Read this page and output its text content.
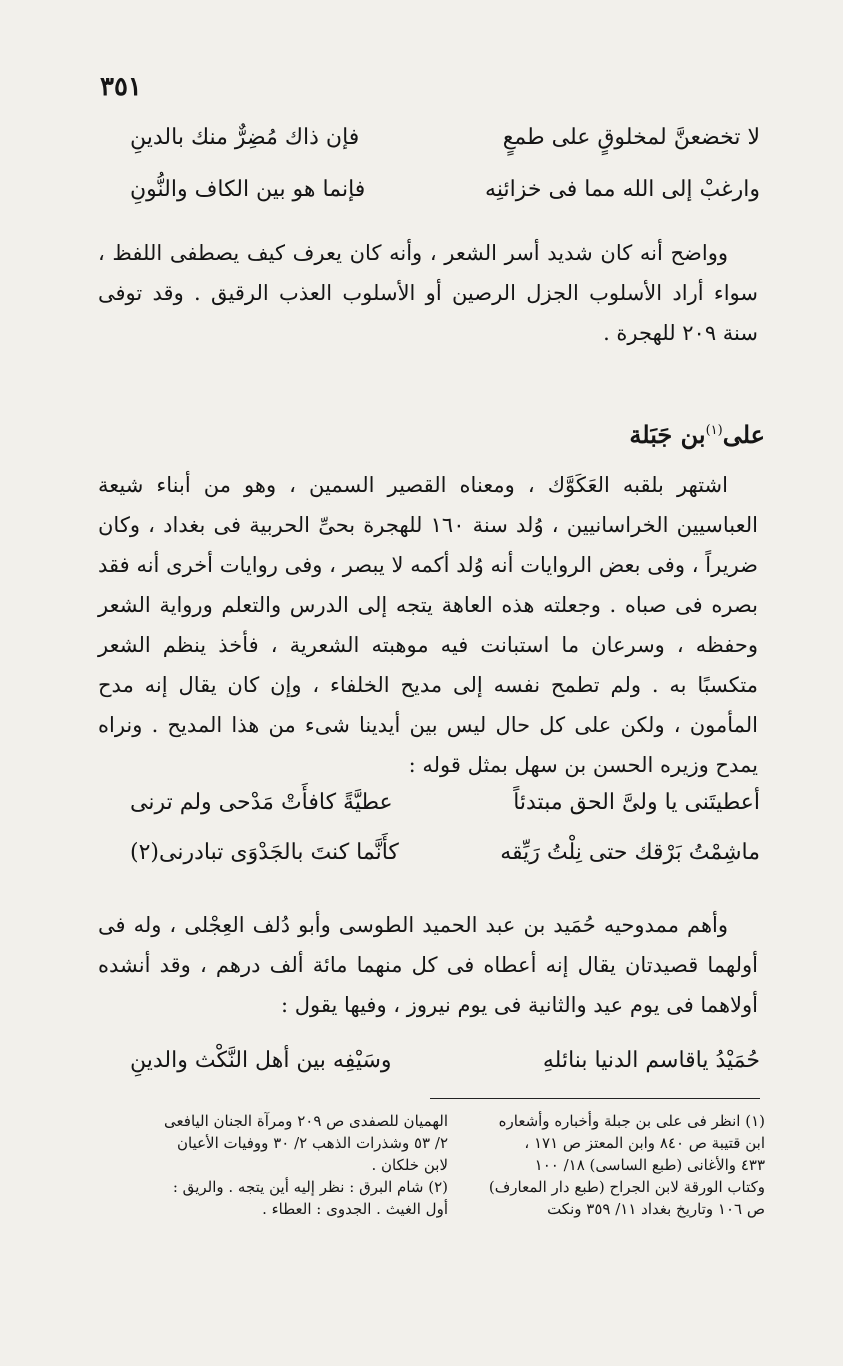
٣٥١
لا تخضعنَّ لمخلوقٍ على طمعٍ
فإن ذاك مُضِرٌّ منك بالدينِ
وارغبْ إلى الله مما فى خزائنِه
فإنما هو بين الكاف والنُّونِ

وواضح أنه كان شديد أسر الشعر ، وأنه كان يعرف كيف يصطفى اللفظ ، سواء أراد الأسلوب الجزل الرصين أو الأسلوب العذب الرقيق . وقد توفى سنة ٢٠٩ للهجرة .

على$^{(١)}$بن جَبَلة

اشتهر بلقبه العَكَوَّك ، ومعناه القصير السمين ، وهو من أبناء شيعة العباسيين الخراسانيين ، وُلد سنة ١٦٠ للهجرة بحىِّ الحربية فى بغداد ، وكان ضريراً ، وفى بعض الروايات أنه وُلد أكمه لا يبصر ، وفى روايات أخرى أنه فقد بصره فى صباه . وجعلته هذه العاهة يتجه إلى الدرس والتعلم ورواية الشعر وحفظه ، وسرعان ما استبانت فيه موهبته الشعرية ، فأخذ ينظم الشعر متكسبًا به . ولم تطمح نفسه إلى مديح الخلفاء ، وإن كان يقال إنه مدح المأمون ، ولكن على كل حال ليس بين أيدينا شىء من هذا المديح . ونراه يمدح وزيره الحسن بن سهل بمثل قوله :

أعطيتَنى يا ولىَّ الحق مبتدئاً
عطيَّةً كافأَتْ مَدْحى ولم ترنى
ماشِمْتُ بَرْقك حتى نِلْتُ رَيِّقه
كأَنَّما كنتَ بالجَدْوَى تبادرنى(٢)

وأهم ممدوحيه حُمَيد بن عبد الحميد الطوسى وأبو دُلف العِجْلى ، وله فى أولهما قصيدتان يقال إنه أعطاه فى كل منهما مائة ألف درهم ، وقد أنشده أولاهما فى يوم عيد والثانية فى يوم نيروز ، وفيها يقول :

حُمَيْدُ ياقاسم الدنيا بنائلهِ
وسَيْفِه بين أهل النَّكْث والدينِ

(١) انظر فى على بن جبلة وأخباره وأشعاره

ابن قتيبة ص ٨٤٠ وابن المعتز ص ١٧١ ،

٤٣٣ والأغانى (طبع الساسى) ١٨/ ١٠٠

وكتاب الورقة لابن الجراح (طبع دار المعارف)

ص ١٠٦ وتاريخ بغداد ١١/ ٣٥٩ ونكت

الهميان للصفدى ص ٢٠٩ ومرآة الجنان اليافعى

٢/ ٥٣ وشذرات الذهب ٢/ ٣٠ ووفيات الأعيان

لابن خلكان .

(٢) شام البرق : نظر إليه أين يتجه . والريق :

أول الغيث . الجدوى : العطاء .
